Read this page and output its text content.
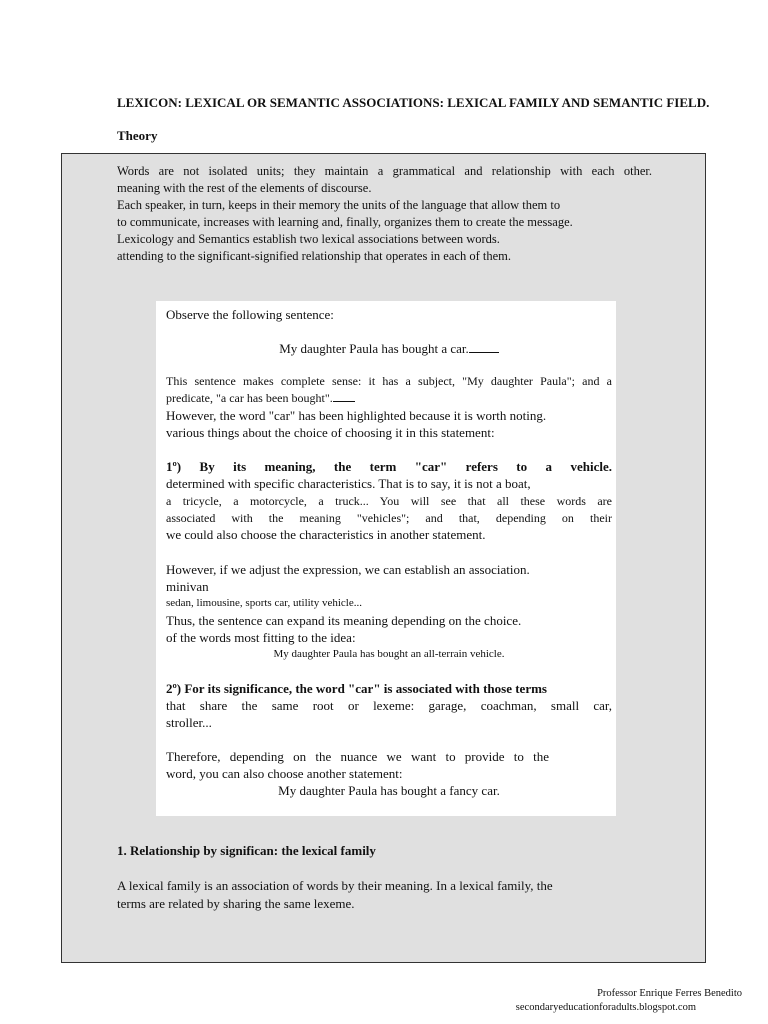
LEXICON: LEXICAL OR SEMANTIC ASSOCIATIONS: LEXICAL FAMILY AND SEMANTIC FIELD.
Theory
Words are not isolated units; they maintain a grammatical and relationship with each other.
meaning with the rest of the elements of discourse.
Each speaker, in turn, keeps in their memory the units of the language that allow them to
to communicate, increases with learning and, finally, organizes them to create the message.
Lexicology and Semantics establish two lexical associations between words.
attending to the significant-signified relationship that operates in each of them.
Observe the following sentence:
My daughter Paula has bought a car.
This sentence makes complete sense: it has a subject, "My daughter Paula"; and a
predicate, "a car has been bought".
However, the word "car" has been highlighted because it is worth noting.
various things about the choice of choosing it in this statement:
1º) By its meaning, the term "car" refers to a vehicle.
determined with specific characteristics. That is to say, it is not a boat,
a tricycle, a motorcycle, a truck... You will see that all these words are
associated with the meaning "vehicles"; and that, depending on their
we could also choose the characteristics in another statement.
However, if we adjust the expression, we can establish an association.
minivan
sedan, limousine, sports car, utility vehicle...
Thus, the sentence can expand its meaning depending on the choice.
of the words most fitting to the idea:
My daughter Paula has bought an all-terrain vehicle.
2º) For its significance, the word "car" is associated with those terms
that share the same root or lexeme: garage, coachman, small car,
stroller...
Therefore, depending on the nuance we want to provide to the
word, you can also choose another statement:
My daughter Paula has bought a fancy car.
1. Relationship by significan: the lexical family
A lexical family is an association of words by their meaning. In a lexical family, the
terms are related by sharing the same lexeme.
Professor Enrique Ferres Benedito
secondaryeducationforadults.blogspot.com
